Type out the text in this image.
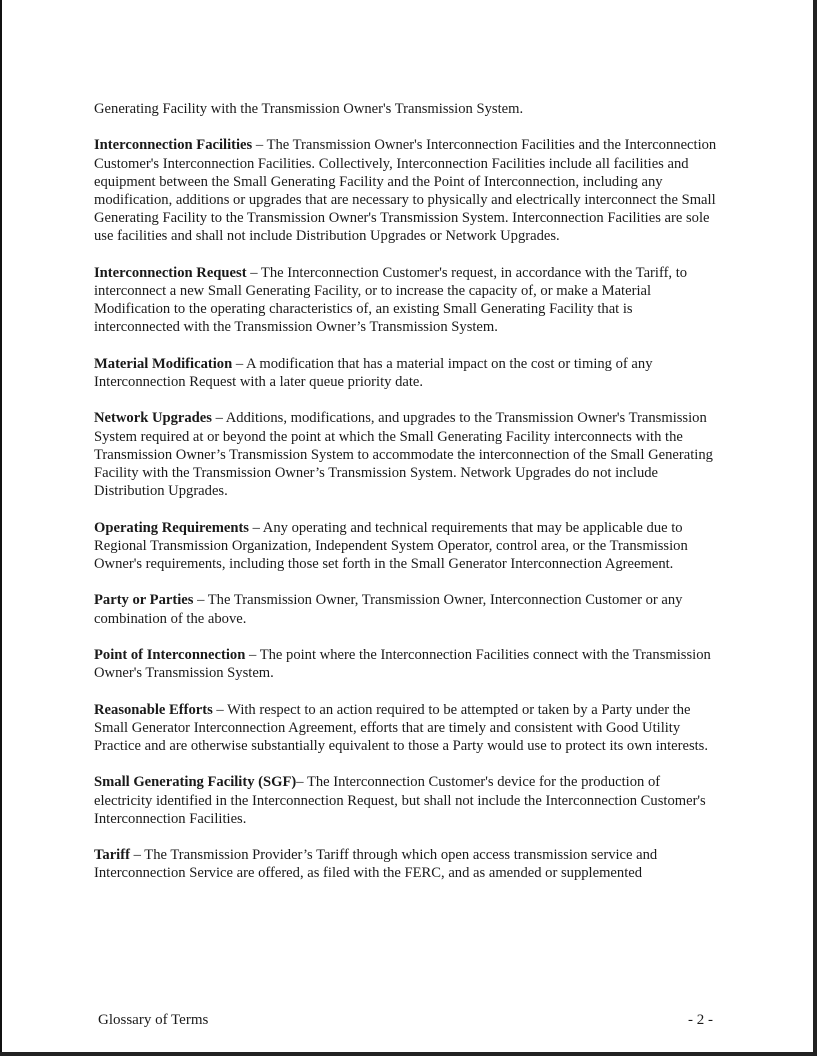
Generating Facility with the Transmission Owner's Transmission System.

Interconnection Facilities – The Transmission Owner's Interconnection Facilities and the Interconnection Customer's Interconnection Facilities. Collectively, Interconnection Facilities include all facilities and equipment between the Small Generating Facility and the Point of Interconnection, including any modification, additions or upgrades that are necessary to physically and electrically interconnect the Small Generating Facility to the Transmission Owner's Transmission System. Interconnection Facilities are sole use facilities and shall not include Distribution Upgrades or Network Upgrades.

Interconnection Request – The Interconnection Customer's request, in accordance with the Tariff, to interconnect a new Small Generating Facility, or to increase the capacity of, or make a Material Modification to the operating characteristics of, an existing Small Generating Facility that is interconnected with the Transmission Owner’s Transmission System.

Material Modification – A modification that has a material impact on the cost or timing of any Interconnection Request with a later queue priority date.

Network Upgrades – Additions, modifications, and upgrades to the Transmission Owner's Transmission System required at or beyond the point at which the Small Generating Facility interconnects with the Transmission Owner’s Transmission System to accommodate the interconnection of the Small Generating Facility with the Transmission Owner’s Transmission System. Network Upgrades do not include Distribution Upgrades.

Operating Requirements – Any operating and technical requirements that may be applicable due to Regional Transmission Organization, Independent System Operator, control area, or the Transmission Owner's requirements, including those set forth in the Small Generator Interconnection Agreement.

Party or Parties – The Transmission Owner, Transmission Owner, Interconnection Customer or any combination of the above.

Point of Interconnection – The point where the Interconnection Facilities connect with the Transmission Owner's Transmission System.

Reasonable Efforts – With respect to an action required to be attempted or taken by a Party under the Small Generator Interconnection Agreement, efforts that are timely and consistent with Good Utility Practice and are otherwise substantially equivalent to those a Party would use to protect its own interests.

Small Generating Facility (SGF)– The Interconnection Customer's device for the production of electricity identified in the Interconnection Request, but shall not include the Interconnection Customer's Interconnection Facilities.

Tariff – The Transmission Provider’s Tariff through which open access transmission service and Interconnection Service are offered, as filed with the FERC, and as amended or supplemented

Glossary of Terms	- 2 -
